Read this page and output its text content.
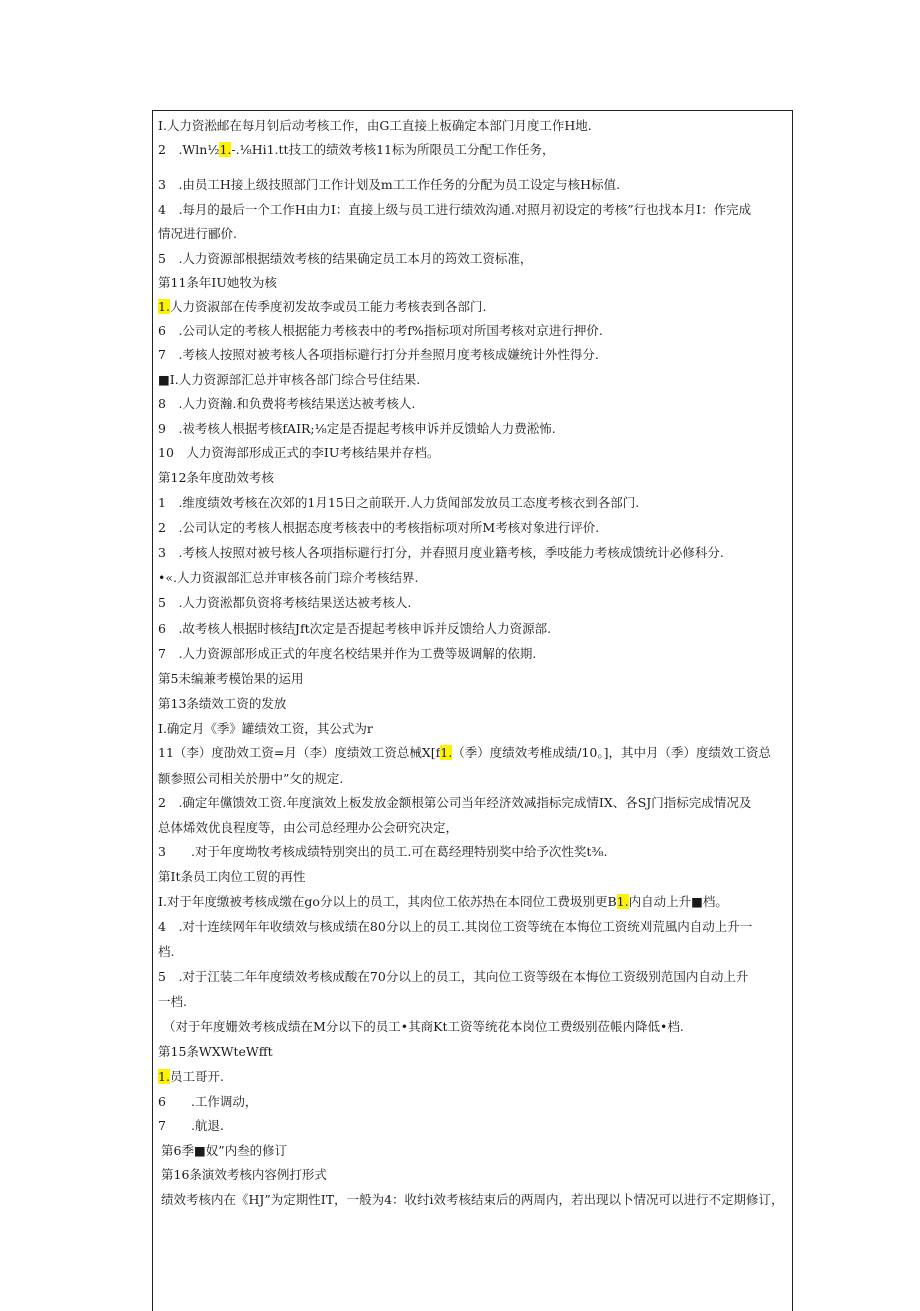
I.人力资淞邮在每月钊后动考核工作，由G工直接上板确定本部门月度工作H地.
2　.Wln½1.-.⅛Hi1.tt技工的绩效考核11标为所限员工分配工作任务，
3　.由员工H接上级技照部门工作计划及m工工作任务的分配为员工设定与核H标值.
4　.每月的最后一个工作H由力I：直接上级与员工进行绩效沟通.对照月初设定的考核”行也找本月I：作完成
情况进行郦价.
5　.人力资源部根据绩效考核的结果确定员工本月的筠效工资标准，
第11条年IU她牧为核
1.人力资淑部在传季度初发故李或员工能力考核表到各部门.
6　.公司认定的考核人根据能力考核表中的考f%指标项对所国考核对京进行押价.
7　.考核人按照对被考核人各项指标避行打分并叁照月度考核成嫌统计外性得分.
■I.人力资源部汇总并审核各部门综合号住结果.
8　.人力资瀚.和负费将考核结果送达被考核人.
9　.祓考核人根据考核fAIR;⅛定是否提起考核申诉并反馈蛤人力费淞怖.
10　人力资海部形成正式的李IU考核结果并存档。
第12条年度劭效考核
1　.维度绩效考核在次郊的1月15日之前联开.人力货闻部发放员工态度考核衣到各部门.
2　.公司认定的考核人根据态度考核表中的考核指标项对所M考核对象进行评价.
3　.考核人按照对被号核人各项指标避行打分，并舂照月度业籍考核，季吱能力考核成馈统计必修科分.
•«.人力资淑部汇总并审核各前门琮介考核结界.
5　.人力资淞都负资将考核结果送达被考核人.
6　.故考核人根据时核结Jft次定是否提起考核申诉并反馈给人力资源部.
7　.人力资源部形成正式的年度名校结果并作为工费等圾调解的依期.
第5未编兼考模饴果的运用
第13条绩效工资的发放
I.确定月《季》罐绩效工资，其公式为r
11（李）度劭效工资=月（李）度绩效工资总械X[f1.（季）度绩效考椎成绩/10。]，其中月（季）度绩效工资总
额参照公司相关於册中”攵的规定.
2　.确定年儻馈效工资.年度演效上板发放金额根第公司当年经济效减指标完成情IX、各SJ门指标完成情况及
总体烯效优良程度等，由公司总经理办公会研究决定，
3　　.对于年度坳牧考核成绩特别突出的员工.可在葛经理特别奖中给予次性奖t⅜.
第It条员工肉位工贸的再性
I.对于年度缴被考核成缴在go分以上的员工，其肉位工依苏热在本冏位工费圾别更B1.内自动上升■档。
4　.对十连续网年年收绩效与核成绩在80分以上的员工.其岗位工资等统在本悔位工资统刈荒風内自动上升一
档.
5　.对于江装二年年度绩效考核成酸在70分以上的员工，其向位工资等级在本悔位工资级别范国内自动上升
一档.
（对于年度姗效考核成绩在M分以下的员工•其商Kt工资等统花本岗位工费级别莅帳内降低•档.
第15条WXWteWfft
1.员工哥开.
6　　.工作调动，
7　　.航退.
第6季■奴”内叁的修订
第16条演效考核内容例打形式
绩效考核内在《HJ”为定期性IT，一般为4：收纣i效考核结束后的两周内，若出现以卜情况可以进行不定期修订，
